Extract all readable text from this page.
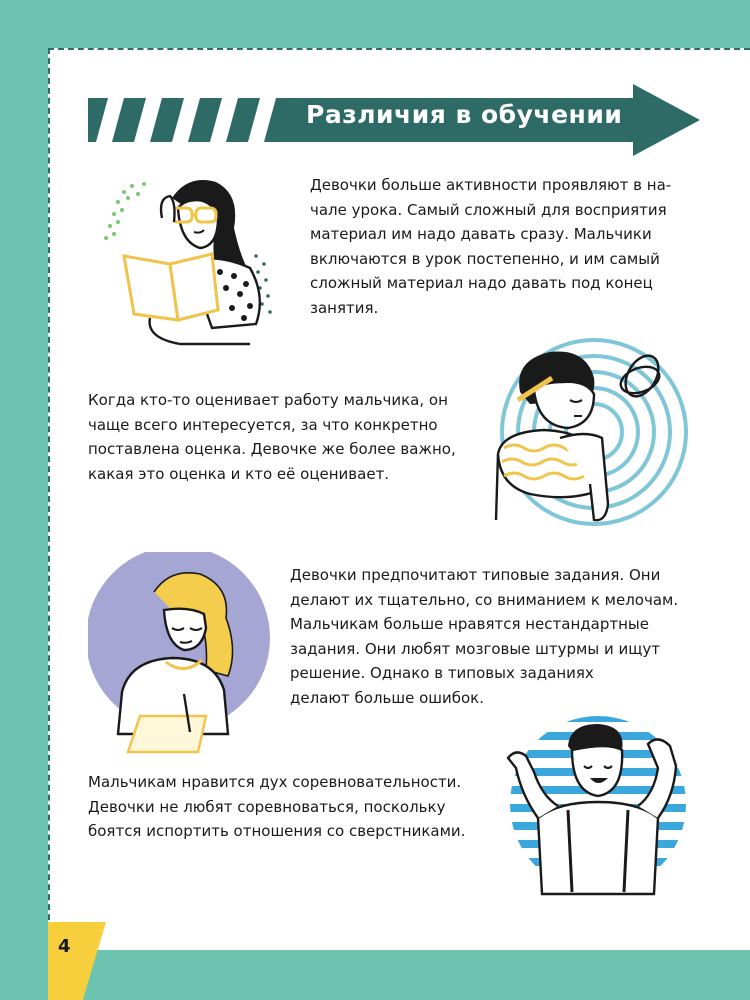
Различия в обучении

Девочки больше активности проявляют в на-
чале урока. Самый сложный для восприятия
материал им надо давать сразу. Мальчики
включаются в урок постепенно, и им самый
сложный материал надо давать под конец
занятия.

Когда кто-то оценивает работу мальчика, он
чаще всего интересуется, за что конкретно
поставлена оценка. Девочке же более важно,
какая это оценка и кто её оценивает.

Девочки предпочитают типовые задания. Они
делают их тщательно, со вниманием к мелочам.
Мальчикам больше нравятся нестандартные
задания. Они любят мозговые штурмы и ищут
решение. Однако в типовых заданиях
делают больше ошибок.

Мальчикам нравится дух соревновательности.
Девочки не любят соревноваться, поскольку
боятся испортить отношения со сверстниками.

4
